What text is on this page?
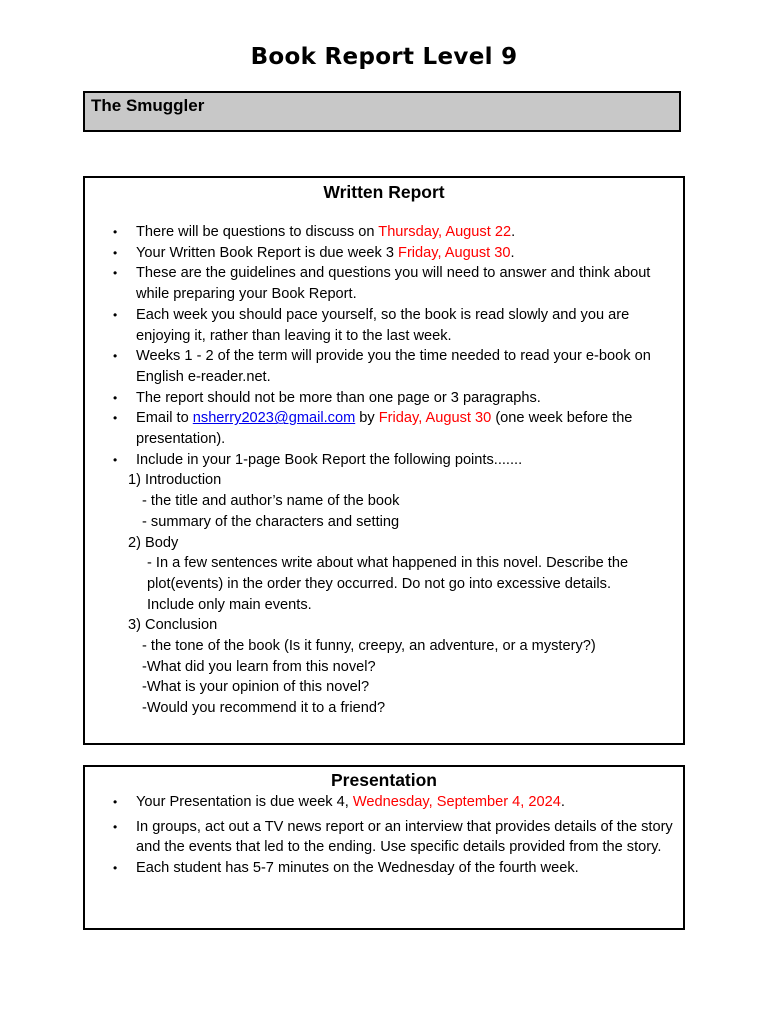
Book Report Level 9
The Smuggler
Written Report
• There will be questions to discuss on Thursday, August 22.
• Your Written Book Report is due week 3 Friday, August 30.
• These are the guidelines and questions you will need to answer and think about while preparing your Book Report.
• Each week you should pace yourself, so the book is read slowly and you are enjoying it, rather than leaving it to the last week.
• Weeks 1 - 2 of the term will provide you the time needed to read your e-book on English e-reader.net.
• The report should not be more than one page or 3 paragraphs.
• Email to nsherry2023@gmail.com by Friday, August 30 (one week before the presentation).
• Include in your 1-page Book Report the following points.......
1) Introduction
- the title and author’s name of the book
- summary of the characters and setting
2) Body
- In a few sentences write about what happened in this novel. Describe the plot(events) in the order they occurred. Do not go into excessive details. Include only main events.
3) Conclusion
- the tone of the book (Is it funny, creepy, an adventure, or a mystery?)
-What did you learn from this novel?
-What is your opinion of this novel?
-Would you recommend it to a friend?
Presentation
• Your Presentation is due week 4, Wednesday, September 4, 2024.
• In groups, act out a TV news report or an interview that provides details of the story and the events that led to the ending. Use specific details provided from the story.
• Each student has 5-7 minutes on the Wednesday of the fourth week.
